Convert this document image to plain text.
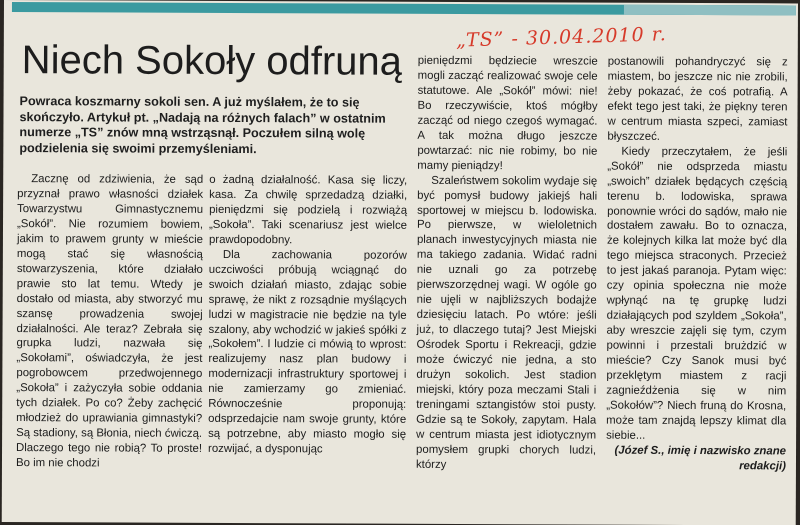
„TS” - 30.04.2010 r.
Niech Sokoły odfruną
Powraca koszmarny sokoli sen. A już myślałem, że to się skończyło. Artykuł pt. „Nadają na różnych falach” w ostatnim numerze „TS” znów mną wstrząsnął. Poczułem silną wolę podzielenia się swoimi przemyśleniami.

Zacznę od zdziwienia, że sąd przyznał prawo własności działek Towarzystwu Gimnastycznemu „Sokół”. Nie rozumiem bowiem, jakim to prawem grunty w mieście mogą stać się własnością stowarzyszenia, które działało prawie sto lat temu. Wtedy je dostało od miasta, aby stworzyć mu szansę prowadzenia swojej działalności. Ale teraz? Zebrała się grupka ludzi, nazwała się „Sokołami”, oświadczyła, że jest pogrobowcem przedwojennego „Sokoła” i zażyczyła sobie oddania tych działek. Po co? Żeby zachęcić młodzież do uprawiania gimnastyki? Są stadiony, są Błonia, niech ćwiczą. Dlaczego tego nie robią? To proste! Bo im nie chodzi

o żadną działalność. Kasa się liczy, kasa. Za chwilę sprzedadzą działki, pieniędzmi się podzielą i rozwiążą „Sokoła”. Taki scenariusz jest wielce prawdopodobny.

Dla zachowania pozorów uczciwości próbują wciągnąć do swoich działań miasto, zdając sobie sprawę, że nikt z rozsądnie myślących ludzi w magistracie nie będzie na tyle szalony, aby wchodzić w jakieś spółki z „Sokołem”. I ludzie ci mówią to wprost: realizujemy nasz plan budowy i modernizacji infrastruktury sportowej i nie zamierzamy go zmieniać. Równocześnie proponują: odsprzedajcie nam swoje grunty, które są potrzebne, aby miasto mogło się rozwijać, a dysponując

pieniędzmi będziecie wreszcie mogli zacząć realizować swoje cele statutowe. Ale „Sokół” mówi: nie! Bo rzeczywiście, ktoś mógłby zacząć od niego czegoś wymagać. A tak można długo jeszcze powtarzać: nic nie robimy, bo nie mamy pieniądzy!

Szaleństwem sokolim wydaje się być pomysł budowy jakiejś hali sportowej w miejscu b. lodowiska. Po pierwsze, w wieloletnich planach inwestycyjnych miasta nie ma takiego zadania. Widać radni nie uznali go za potrzebę pierwszorzędnej wagi. W ogóle go nie ujęli w najbliższych bodajże dziesięciu latach. Po wtóre: jeśli już, to dlaczego tutaj? Jest Miejski Ośrodek Sportu i Rekreacji, gdzie może ćwiczyć nie jedna, a sto drużyn sokolich. Jest stadion miejski, który poza meczami Stali i treningami sztangistów stoi pusty. Gdzie są te Sokoły, zapytam. Hala w centrum miasta jest idiotycznym pomysłem grupki chorych ludzi, którzy

postanowili pohandryczyć się z miastem, bo jeszcze nic nie zrobili, żeby pokazać, że coś potrafią. A efekt tego jest taki, że piękny teren w centrum miasta szpeci, zamiast błyszczeć.

Kiedy przeczytałem, że jeśli „Sokół” nie odsprzeda miastu „swoich” działek będących częścią terenu b. lodowiska, sprawa ponownie wróci do sądów, mało nie dostałem zawału. Bo to oznacza, że kolejnych kilka lat może być dla tego miejsca straconych. Przecież to jest jakaś paranoja. Pytam więc: czy opinia społeczna nie może wpłynąć na tę grupkę ludzi działających pod szyldem „Sokoła”, aby wreszcie zajęli się tym, czym powinni i przestali brużdzić w mieście? Czy Sanok musi być przeklętym miastem z racji zagnieźdżenia się w nim „Sokołów”? Niech fruną do Krosna, może tam znajdą lepszy klimat dla siebie...

(Józef S., imię i nazwisko znane redakcji)
